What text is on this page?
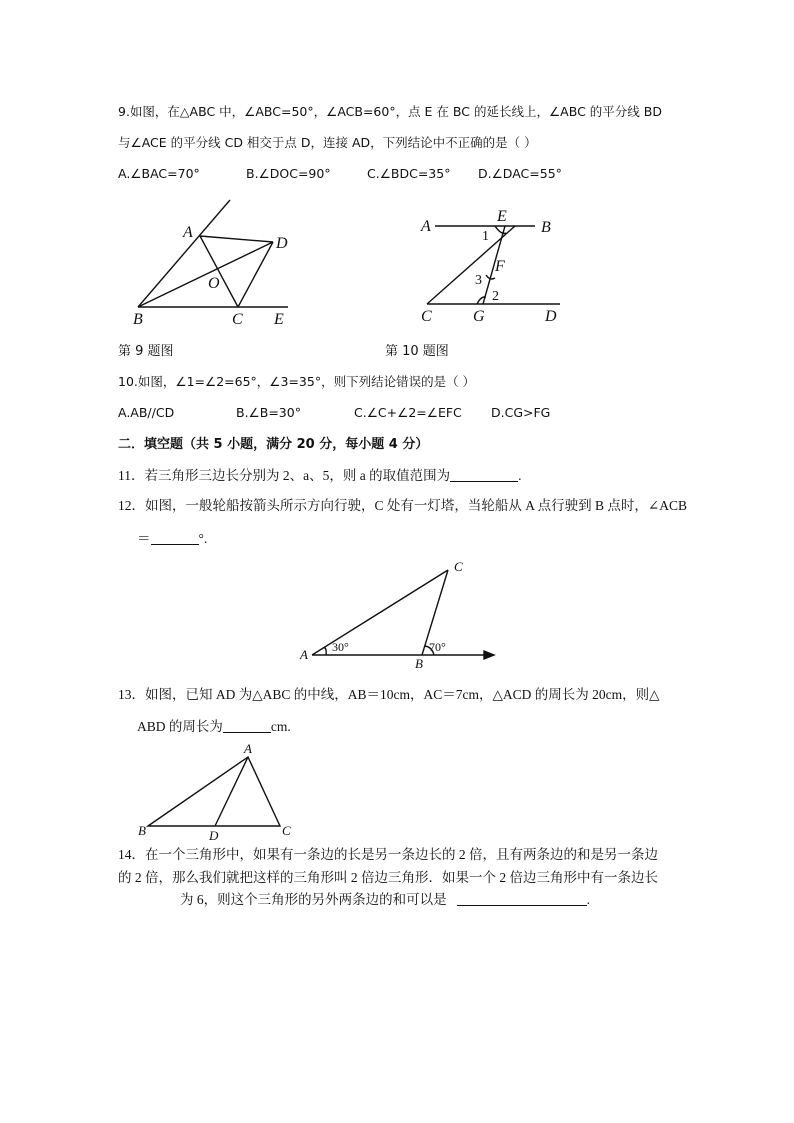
9.如图，在△ABC 中，∠ABC=50°，∠ACB=60°，点 E 在 BC 的延长线上，∠ABC 的平分线 BD
与∠ACE 的平分线 CD 相交于点 D，连接 AD，下列结论中不正确的是（ ）
A.∠BAC=70°	B.∠DOC=90°	C.∠BDC=35° D.∠DAC=55°
A
D
O
B	C E
A
E
B
F
C	G	D
1
2
3
第 9 题图	第 10 题图
10.如图，∠1=∠2=65°，∠3=35°，则下列结论错误的是（ ）
A.AB//CD	B.∠B=30°	C.∠C+∠2=∠EFC D.CG>FG
二．填空题（共 5 小题，满分 20 分，每小题 4 分）
11．若三角形三边长分别为 2、a、5，则 a 的取值范围为	.
12．如图，一般轮船按箭头所示方向行驶，C 处有一灯塔，当轮船从 A 点行驶到 B 点时，∠ACB
＝	°.
A
C
B
30°	70°
13．如图，已知 AD 为△ABC 的中线，AB＝10cm，AC＝7cm，△ACD 的周长为 20cm，则△
ABD 的周长为	cm.
A
B	D	C
14．在一个三角形中，如果有一条边的长是另一条边长的 2 倍，且有两条边的和是另一条边
的 2 倍，那么我们就把这样的三角形叫 2 倍边三角形．如果一个 2 倍边三角形中有一条边长
为 6，则这个三角形的另外两条边的和可以是	.
